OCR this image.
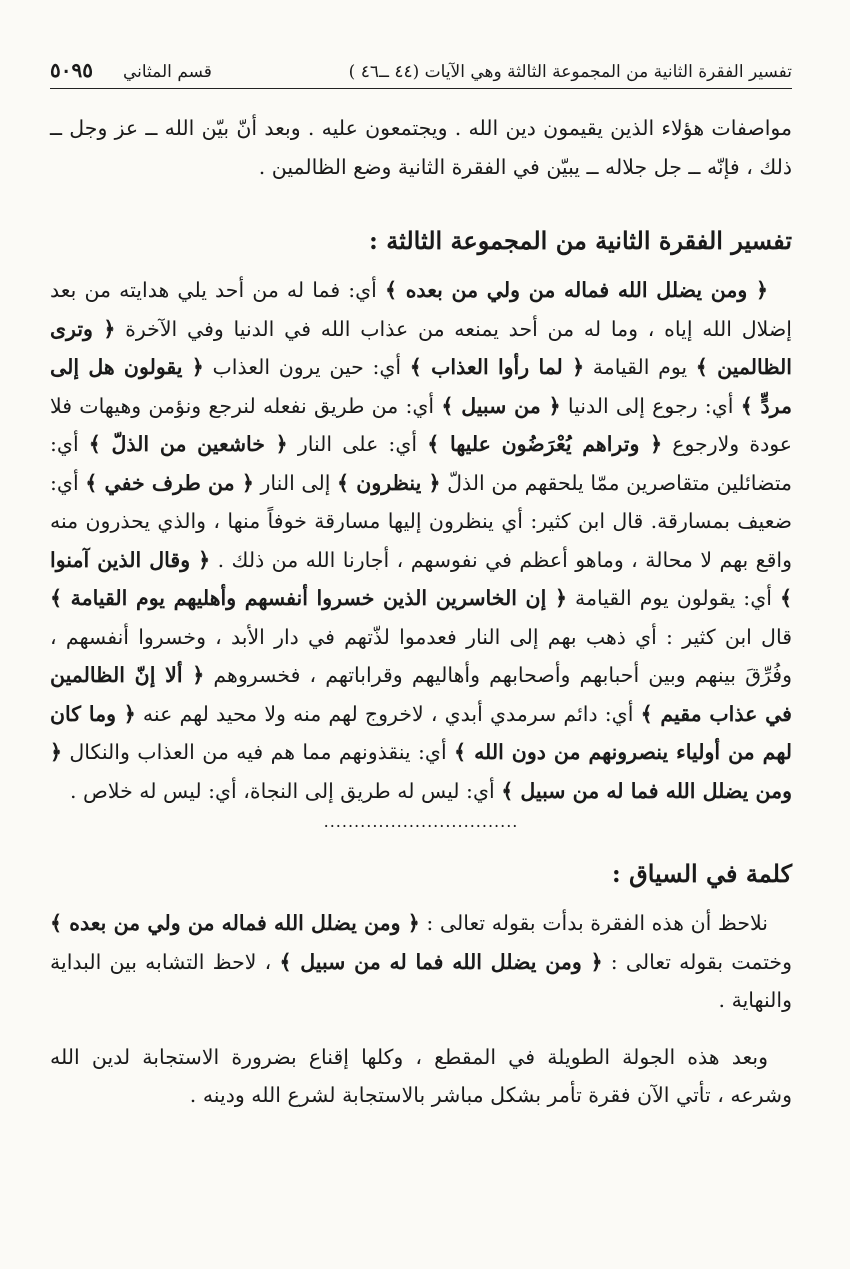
تفسير الفقرة الثانية من المجموعة الثالثة وهي الآيات (٤٤ ــ٤٦ )
قسم المثاني
٥٠٩٥

مواصفات هؤلاء الذين يقيمون دين الله . ويجتمعون عليه . وبعد أنّ بيّن الله ــ عز وجل ــ ذلك ، فإنّه ــ جل جلاله ــ يبيّن في الفقرة الثانية وضع الظالمين .

تفسير الفقرة الثانية من المجموعة الثالثة :

﴿ ومن يضلل الله فماله من ولي من بعده ﴾ أي: فما له من أحد يلي هدايته من بعد إضلال الله إياه ، وما له من أحد يمنعه من عذاب الله في الدنيا وفي الآخرة ﴿ وترى الظالمين ﴾ يوم القيامة ﴿ لما رأوا العذاب ﴾ أي: حين يرون العذاب ﴿ يقولون هل إلى مردٍّ ﴾ أي: رجوع إلى الدنيا ﴿ من سبيل ﴾ أي: من طريق نفعله لنرجع ونؤمن وهيهات فلا عودة ولارجوع ﴿ وتراهم يُعْرَضُون عليها ﴾ أي: على النار ﴿ خاشعين من الذلّ ﴾ أي: متضائلين متقاصرين ممّا يلحقهم من الذلّ ﴿ ينظرون ﴾ إلى النار ﴿ من طرف خفي ﴾ أي: ضعيف بمسارقة. قال ابن كثير: أي ينظرون إليها مسارقة خوفاً منها ، والذي يحذرون منه واقع بهم لا محالة ، وماهو أعظم في نفوسهم ، أجارنا الله من ذلك . ﴿ وقال الذين آمنوا ﴾ أي: يقولون يوم القيامة ﴿ إن الخاسرين الذين خسروا أنفسهم وأهليهم يوم القيامة ﴾ قال ابن كثير : أي ذهب بهم إلى النار فعدموا لذّتهم في دار الأبد ، وخسروا أنفسهم ، وفُرِّقَ بينهم وبين أحبابهم وأصحابهم وأهاليهم وقراباتهم ، فخسروهم ﴿ ألا إنّ الظالمين في عذاب مقيم ﴾ أي: دائم سرمدي أبدي ، لاخروج لهم منه ولا محيد لهم عنه ﴿ وما كان لهم من أولياء ينصرونهم من دون الله ﴾ أي: ينقذونهم مما هم فيه من العذاب والنكال ﴿ ومن يضلل الله فما له من سبيل ﴾ أي: ليس له طريق إلى النجاة، أي: ليس له خلاص .

................................
كلمة في السياق :

نلاحظ أن هذه الفقرة بدأت بقوله تعالى : ﴿ ومن يضلل الله فماله من ولي من بعده ﴾ وختمت بقوله تعالى : ﴿ ومن يضلل الله فما له من سبيل ﴾ ، لاحظ التشابه بين البداية والنهاية .

وبعد هذه الجولة الطويلة في المقطع ، وكلها إقناع بضرورة الاستجابة لدين الله وشرعه ، تأتي الآن فقرة تأمر بشكل مباشر بالاستجابة لشرع الله ودينه .
